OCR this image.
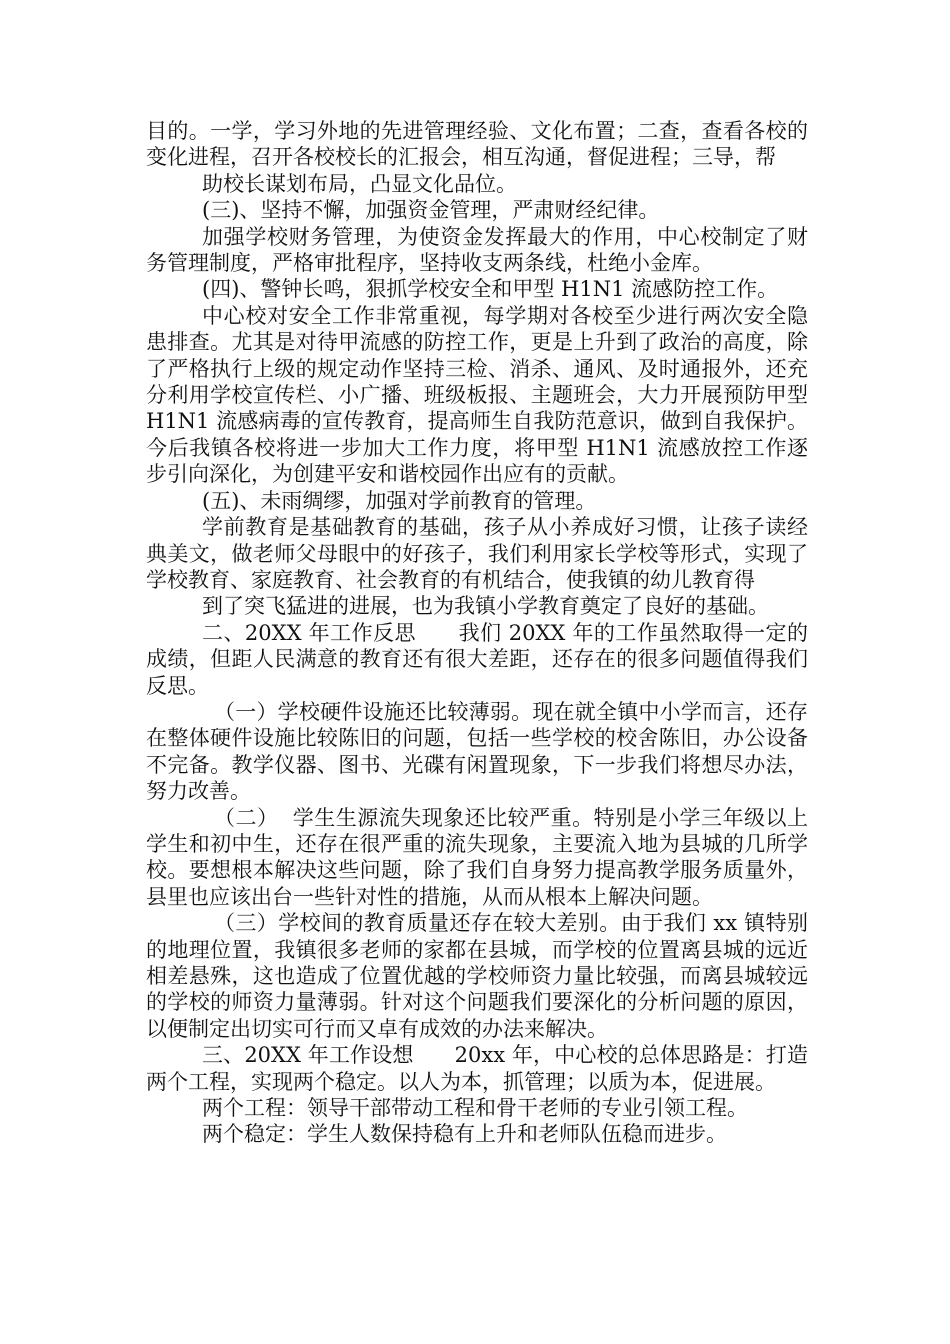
目的。一学，学习外地的先进管理经验、文化布置；二查，查看各校的变化进程，召开各校校长的汇报会，相互沟通，督促进程；三导，帮

助校长谋划布局，凸显文化品位。

(三)、坚持不懈，加强资金管理，严肃财经纪律。

加强学校财务管理，为使资金发挥最大的作用，中心校制定了财务管理制度，严格审批程序，坚持收支两条线，杜绝小金库。

(四)、警钟长鸣，狠抓学校安全和甲型 H1N1 流感防控工作。

中心校对安全工作非常重视，每学期对各校至少进行两次安全隐患排查。尤其是对待甲流感的防控工作，更是上升到了政治的高度，除了严格执行上级的规定动作坚持三检、消杀、通风、及时通报外，还充分利用学校宣传栏、小广播、班级板报、主题班会，大力开展预防甲型 H1N1 流感病毒的宣传教育，提高师生自我防范意识，做到自我保护。今后我镇各校将进一步加大工作力度，将甲型 H1N1 流感放控工作逐步引向深化，为创建平安和谐校园作出应有的贡献。

(五)、未雨绸缪，加强对学前教育的管理。

学前教育是基础教育的基础，孩子从小养成好习惯，让孩子读经典美文，做老师父母眼中的好孩子，我们利用家长学校等形式，实现了学校教育、家庭教育、社会教育的有机结合，使我镇的幼儿教育得

到了突飞猛进的进展，也为我镇小学教育奠定了良好的基础。

二、20XX 年工作反思      我们 20XX 年的工作虽然取得一定的成绩，但距人民满意的教育还有很大差距，还存在的很多问题值得我们反思。

（一）学校硬件设施还比较薄弱。现在就全镇中小学而言，还存在整体硬件设施比较陈旧的问题，包括一些学校的校舍陈旧，办公设备不完备。教学仪器、图书、光碟有闲置现象，下一步我们将想尽办法，努力改善。

（二）  学生生源流失现象还比较严重。特别是小学三年级以上学生和初中生，还存在很严重的流失现象，主要流入地为县城的几所学校。要想根本解决这些问题，除了我们自身努力提高教学服务质量外，县里也应该出台一些针对性的措施，从而从根本上解决问题。

（三）学校间的教育质量还存在较大差别。由于我们 xx 镇特别的地理位置，我镇很多老师的家都在县城，而学校的位置离县城的远近相差悬殊，这也造成了位置优越的学校师资力量比较强，而离县城较远的学校的师资力量薄弱。针对这个问题我们要深化的分析问题的原因，以便制定出切实可行而又卓有成效的办法来解决。

三、20XX 年工作设想      20xx 年，中心校的总体思路是：打造两个工程，实现两个稳定。以人为本，抓管理；以质为本，促进展。

两个工程：领导干部带动工程和骨干老师的专业引领工程。

两个稳定：学生人数保持稳有上升和老师队伍稳而进步。
